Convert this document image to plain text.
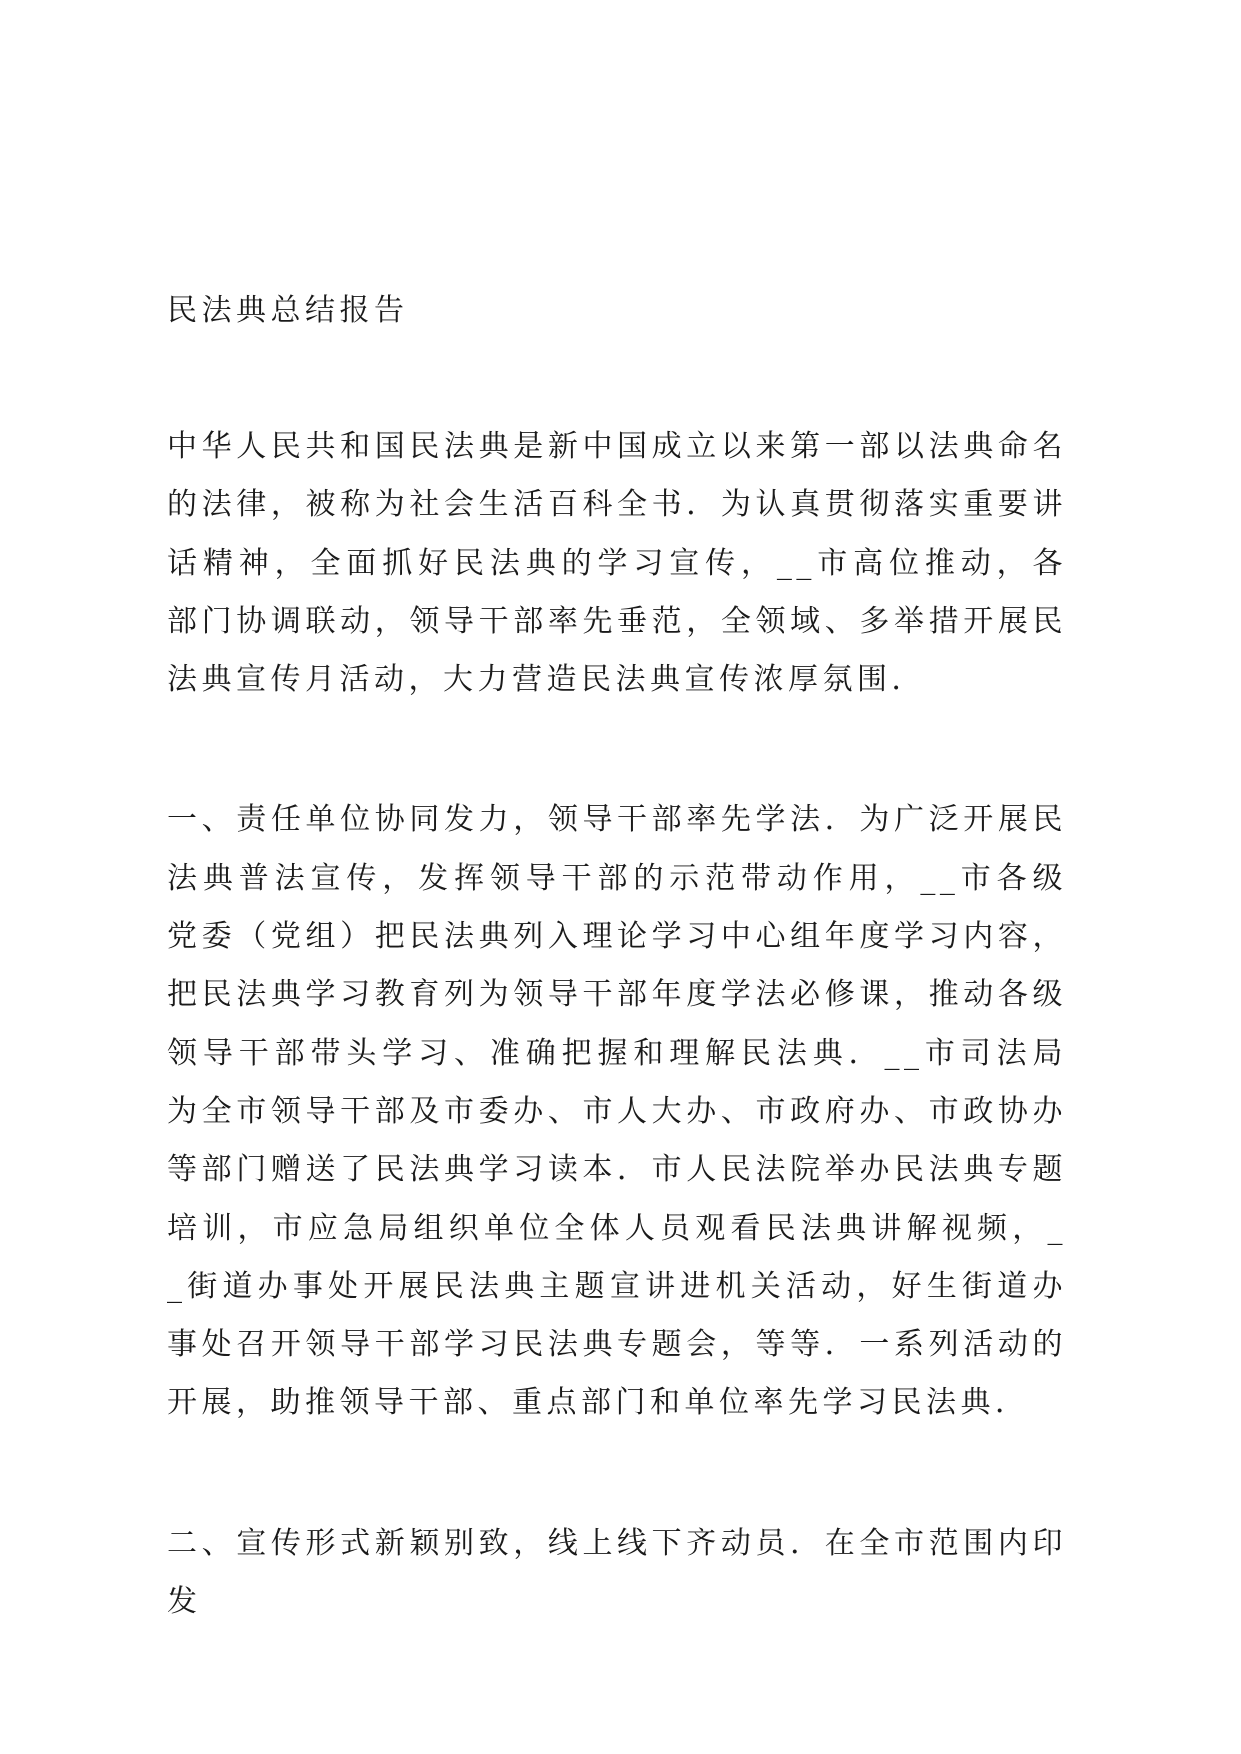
民法典总结报告

中华人民共和国民法典是新中国成立以来第一部以法典命名的法律，被称为社会生活百科全书．为认真贯彻落实重要讲话精神，全面抓好民法典的学习宣传，__市高位推动，各部门协调联动，领导干部率先垂范，全领域、多举措开展民法典宣传月活动，大力营造民法典宣传浓厚氛围．

一、责任单位协同发力，领导干部率先学法．为广泛开展民法典普法宣传，发挥领导干部的示范带动作用，__市各级党委（党组）把民法典列入理论学习中心组年度学习内容，把民法典学习教育列为领导干部年度学法必修课，推动各级领导干部带头学习、准确把握和理解民法典．__市司法局为全市领导干部及市委办、市人大办、市政府办、市政协办等部门赠送了民法典学习读本．市人民法院举办民法典专题培训，市应急局组织单位全体人员观看民法典讲解视频，__街道办事处开展民法典主题宣讲进机关活动，好生街道办事处召开领导干部学习民法典专题会，等等．一系列活动的开展，助推领导干部、重点部门和单位率先学习民法典．

二、宣传形式新颖别致，线上线下齐动员．在全市范围内印发
